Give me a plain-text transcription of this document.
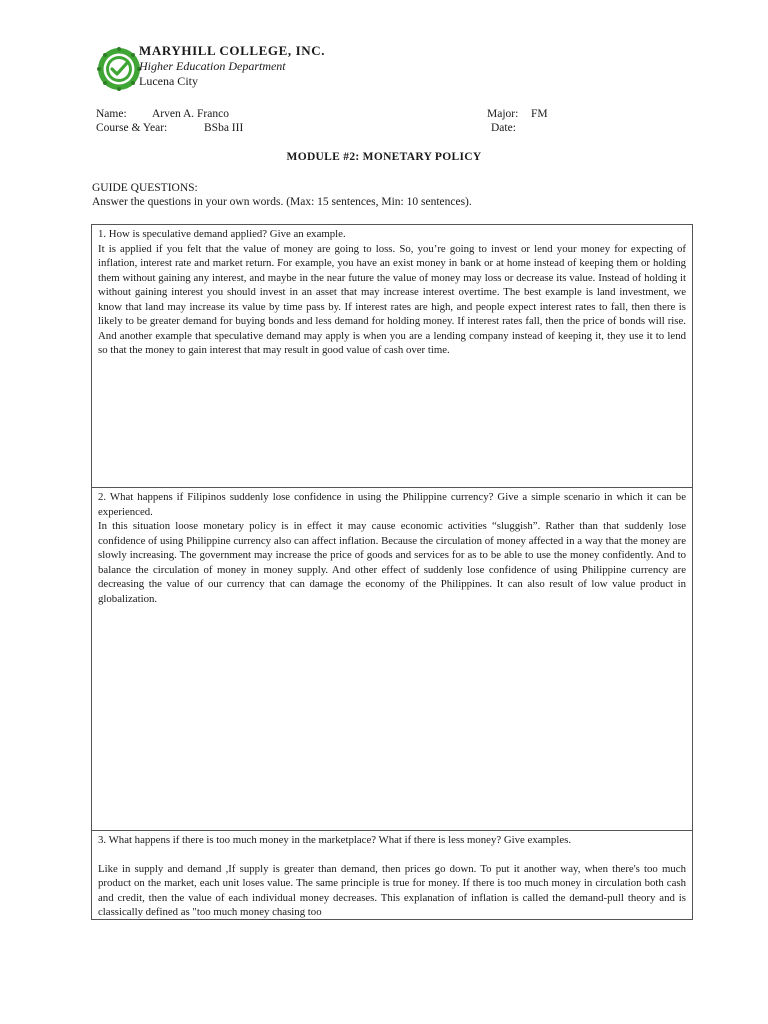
MARYHILL COLLEGE, INC.
Higher Education Department
Lucena City
Name: Arven A. Franco
Course & Year:	BSba III
Major: FM
Date:
MODULE #2: MONETARY POLICY
GUIDE QUESTIONS:
Answer the questions in your own words. (Max: 15 sentences, Min: 10 sentences).

1. How is speculative demand applied? Give an example.

It is applied if you felt that the value of money are going to loss. So, you’re going to invest or lend your money for expecting of inflation, interest rate and market return. For example, you have an exist money in bank or at home instead of keeping them or holding them without gaining any interest, and maybe in the near future the value of money may loss or decrease its value. Instead of holding it without gaining interest you should invest in an asset that may increase interest overtime. The best example is land investment, we know that land may increase its value by time pass by. If interest rates are high, and people expect interest rates to fall, then there is likely to be greater demand for buying bonds and less demand for holding money. If interest rates fall, then the price of bonds will rise. And another example that speculative demand may apply is when you are a lending company instead of keeping it, they use it to lend so that the money to gain interest that may result in good value of cash over time.

2. What happens if Filipinos suddenly lose confidence in using the Philippine currency? Give a simple scenario in which it can be experienced.

In this situation loose monetary policy is in effect it may cause economic activities “sluggish”. Rather than that suddenly lose confidence of using Philippine currency also can affect inflation. Because the circulation of money affected in a way that the money are slowly increasing. The government may increase the price of goods and services for as to be able to use the money confidently. And to balance the circulation of money in money supply. And other effect of suddenly lose confidence of using Philippine currency are decreasing the value of our currency that can damage the economy of the Philippines. It can also result of low value product in globalization.

3. What happens if there is too much money in the marketplace? What if there is less money? Give examples.

Like in supply and demand ,If supply is greater than demand, then prices go down. To put it another way, when there's too much product on the market, each unit loses value. The same principle is true for money. If there is too much money in circulation both cash and credit, then the value of each individual money decreases. This explanation of inflation is called the demand-pull theory and is classically defined as "too much money chasing too
